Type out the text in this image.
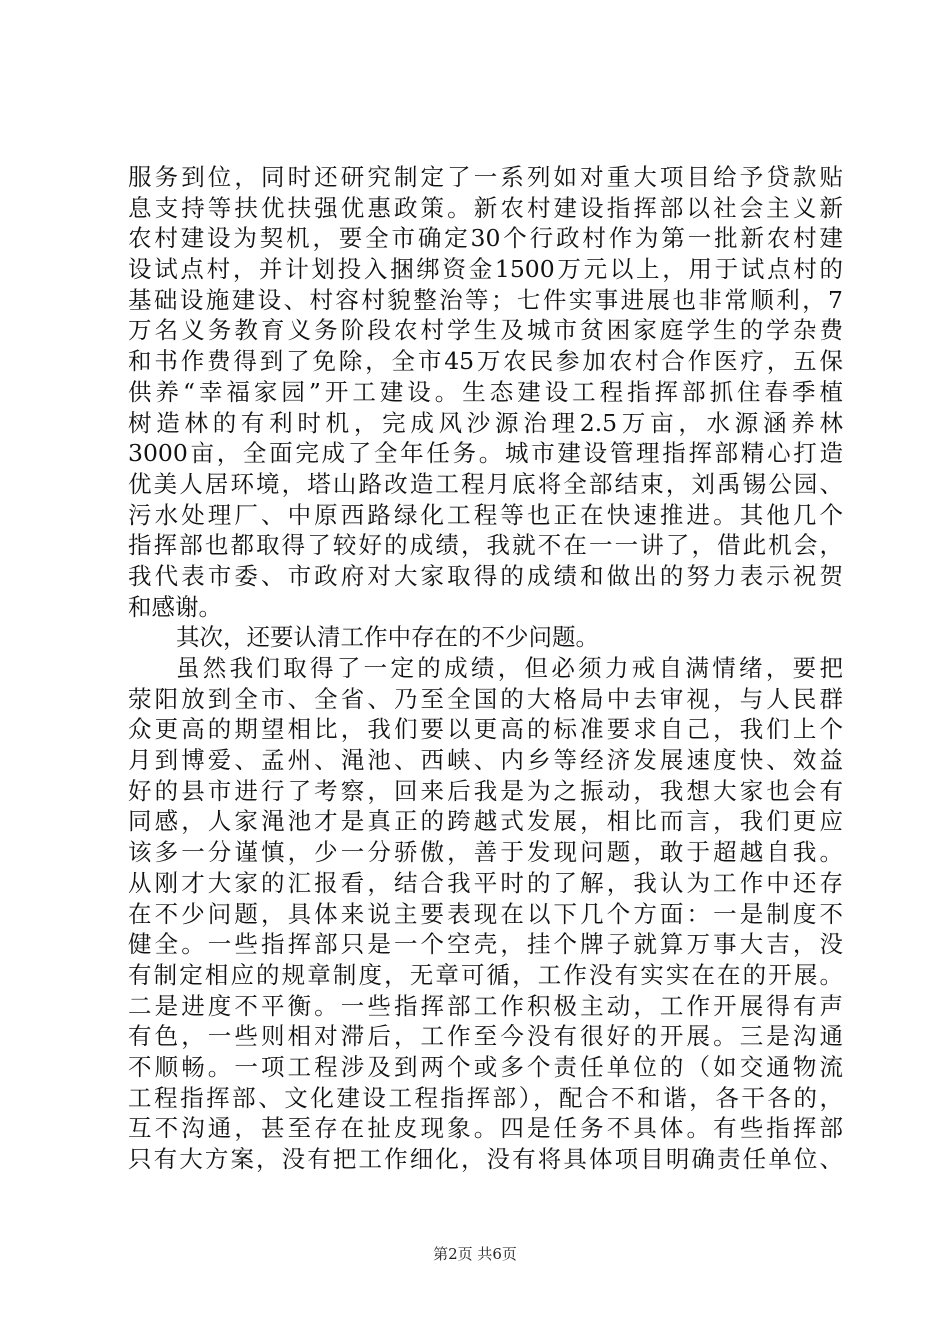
服务到位，同时还研究制定了一系列如对重大项目给予贷款贴
息支持等扶优扶强优惠政策。新农村建设指挥部以社会主义新
农村建设为契机，要全市确定30个行政村作为第一批新农村建
设试点村，并计划投入捆绑资金1500万元以上，用于试点村的
基础设施建设、村容村貌整治等；七件实事进展也非常顺利，7
万名义务教育义务阶段农村学生及城市贫困家庭学生的学杂费
和书作费得到了免除，全市45万农民参加农村合作医疗，五保
供养“幸福家园”开工建设。生态建设工程指挥部抓住春季植
树造林的有利时机，完成风沙源治理2.5万亩，水源涵养林
3000亩，全面完成了全年任务。城市建设管理指挥部精心打造
优美人居环境，塔山路改造工程月底将全部结束，刘禹锡公园、
污水处理厂、中原西路绿化工程等也正在快速推进。其他几个
指挥部也都取得了较好的成绩，我就不在一一讲了，借此机会，
我代表市委、市政府对大家取得的成绩和做出的努力表示祝贺
和感谢。
其次，还要认清工作中存在的不少问题。
虽然我们取得了一定的成绩，但必须力戒自满情绪，要把
荥阳放到全市、全省、乃至全国的大格局中去审视，与人民群
众更高的期望相比，我们要以更高的标准要求自己，我们上个
月到博爱、孟州、渑池、西峡、内乡等经济发展速度快、效益
好的县市进行了考察，回来后我是为之振动，我想大家也会有
同感，人家渑池才是真正的跨越式发展，相比而言，我们更应
该多一分谨慎，少一分骄傲，善于发现问题，敢于超越自我。
从刚才大家的汇报看，结合我平时的了解，我认为工作中还存
在不少问题，具体来说主要表现在以下几个方面：一是制度不
健全。一些指挥部只是一个空壳，挂个牌子就算万事大吉，没
有制定相应的规章制度，无章可循，工作没有实实在在的开展。
二是进度不平衡。一些指挥部工作积极主动，工作开展得有声
有色，一些则相对滞后，工作至今没有很好的开展。三是沟通
不顺畅。一项工程涉及到两个或多个责任单位的（如交通物流
工程指挥部、文化建设工程指挥部），配合不和谐，各干各的，
互不沟通，甚至存在扯皮现象。四是任务不具体。有些指挥部
只有大方案，没有把工作细化，没有将具体项目明确责任单位、
第2页 共6页
